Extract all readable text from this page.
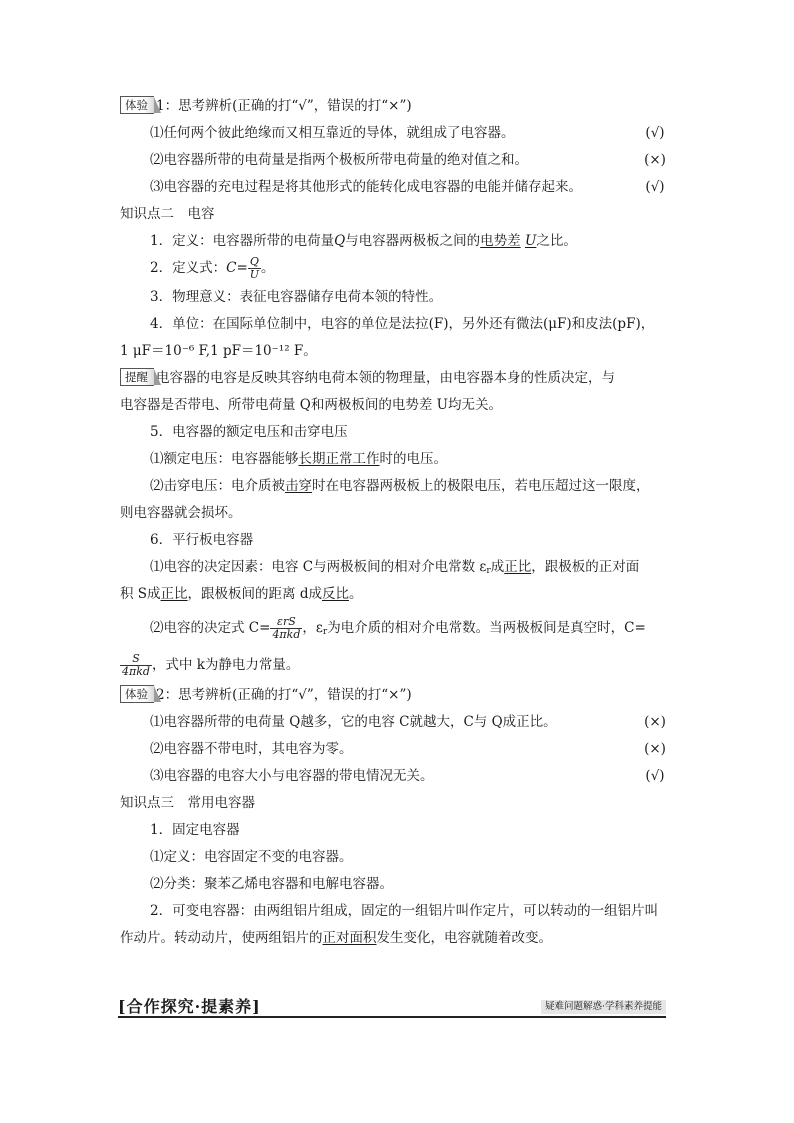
体验 1：思考辨析(正确的打“√”，错误的打“×”)
⑴任何两个彼此绝缘而又相互靠近的导体，就组成了电容器。	(√)
⑵电容器所带的电荷量是指两个极板所带电荷量的绝对值之和。	(×)
⑶电容器的充电过程是将其他形式的能转化成电容器的电能并储存起来。	(√)
知识点二　电容
1．定义：电容器所带的电荷量Q与电容器两极板之间的电势差 U之比。
2．定义式：$C= \frac{Q}{U}$ 。
3．物理意义：表征电容器储存电荷本领的特性。
4．单位：在国际单位制中，电容的单位是法拉(F)，另外还有微法(μF)和皮法(pF)，
1 μF＝10⁻⁶ F,1 pF＝10⁻¹² F。
提醒 电容器的电容是反映其容纳电荷本领的物理量，由电容器本身的性质决定，与
电容器是否带电、所带电荷量 Q和两极板间的电势差 U均无关。
5．电容器的额定电压和击穿电压
⑴额定电压：电容器能够长期正常工作时的电压。
⑵击穿电压：电介质被击穿时在电容器两极板上的极限电压，若电压超过这一限度，
则电容器就会损坏。
6．平行板电容器
⑴电容的决定因素：电容 C与两极板间的相对介电常数 $\varepsilon_r$成正比，跟极板的正对面
积 S成正比，跟极板间的距离 d成反比。
⑵电容的决定式 $C= \frac{\text{εrS}}{\text{4πkd}}$ ，$\varepsilon_r$为电介质的相对介电常数。当两极板间是真空时，C=
$\frac{S}{\text{4πkd}}$ ，式中 k为静电力常量。
体验 2：思考辨析(正确的打“√”，错误的打“×”)
⑴电容器所带的电荷量 Q越多，它的电容 C就越大，C与 Q成正比。	(×)
⑵电容器不带电时，其电容为零。	(×)
⑶电容器的电容大小与电容器的带电情况无关。	(√)
知识点三　常用电容器
1．固定电容器
⑴定义：电容固定不变的电容器。
⑵分类：聚苯乙烯电容器和电解电容器。
2．可变电容器：由两组铝片组成，固定的一组铝片叫作定片，可以转动的一组铝片叫
作动片。转动动片，使两组铝片的正对面积发生变化，电容就随着改变。
[合作探究·提素养]	疑难问题解惑·学科素养提能
